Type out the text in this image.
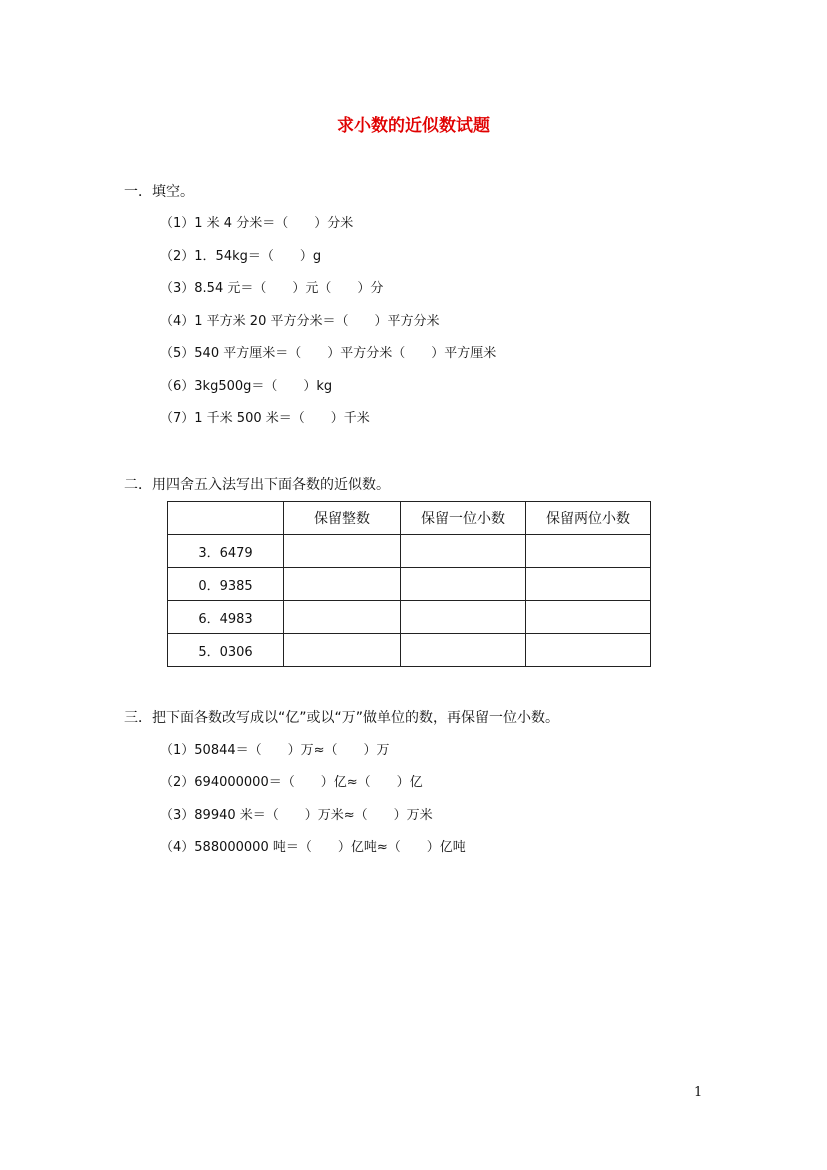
求小数的近似数试题
一．填空。
（1）1 米 4 分米＝（　　）分米
（2）1．54kg＝（　　）g
（3）8.54 元＝（　　）元（　　）分
（4）1 平方米 20 平方分米＝（　　）平方分米
（5）540 平方厘米＝（　　）平方分米（　　）平方厘米
（6）3kg500g＝（　　）kg
（7）1 千米 500 米＝（　　）千米
二．用四舍五入法写出下面各数的近似数。
	保留整数	保留一位小数	保留两位小数
3．6479			
0．9385			
6．4983			
5．0306			
三．把下面各数改写成以“亿”或以“万”做单位的数，再保留一位小数。
（1）50844＝（　　）万≈（　　）万
（2）694000000＝（　　）亿≈（　　）亿
（3）89940 米＝（　　）万米≈（　　）万米
（4）588000000 吨＝（　　）亿吨≈（　　）亿吨
1
